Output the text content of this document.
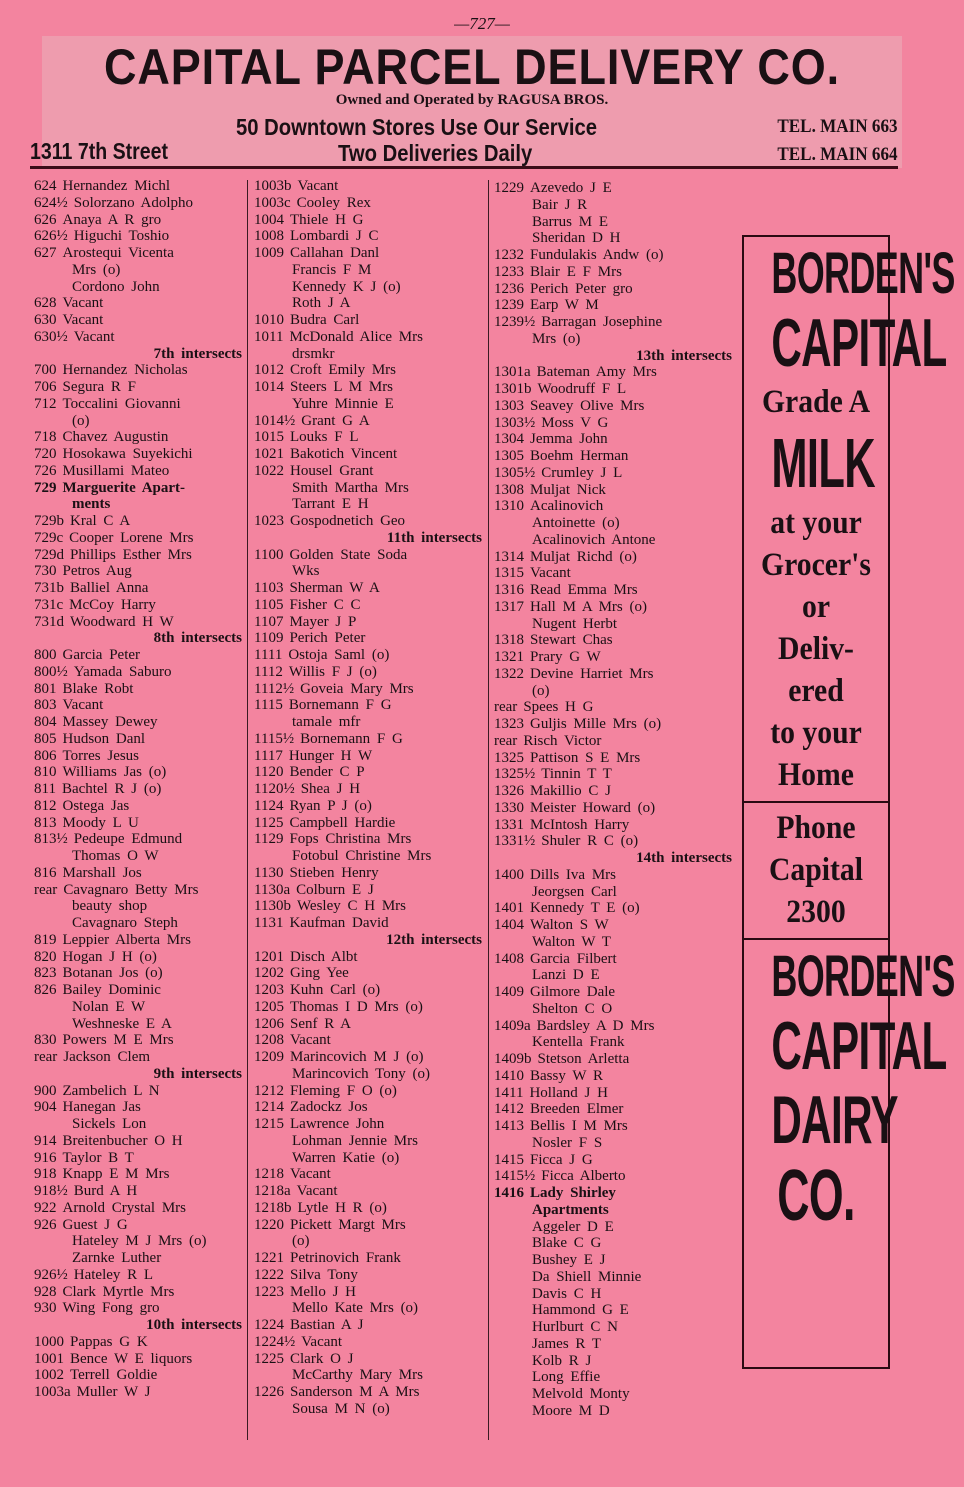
—727—
CAPITAL PARCEL DELIVERY CO.
Owned and Operated by RAGUSA BROS.
50 Downtown Stores Use Our Service
Two Deliveries Daily
1311 7th Street
TEL. MAIN 663
TEL. MAIN 664
624 Hernandez Michl
624½ Solorzano Adolpho
626 Anaya A R gro
626½ Higuchi Toshio
627 Arostequi Vicenta
Mrs (o)
Cordono John
628 Vacant
630 Vacant
630½ Vacant
7th intersects
700 Hernandez Nicholas
706 Segura R F
712 Toccalini Giovanni
(o)
718 Chavez Augustin
720 Hosokawa Suyekichi
726 Musillami Mateo
729 Marguerite Apart-
ments
729b Kral C A
729c Cooper Lorene Mrs
729d Phillips Esther Mrs
730 Petros Aug
731b Balliel Anna
731c McCoy Harry
731d Woodward H W
8th intersects
800 Garcia Peter
800½ Yamada Saburo
801 Blake Robt
803 Vacant
804 Massey Dewey
805 Hudson Danl
806 Torres Jesus
810 Williams Jas (o)
811 Bachtel R J (o)
812 Ostega Jas
813 Moody L U
813½ Pedeupe Edmund
Thomas O W
816 Marshall Jos
rear Cavagnaro Betty Mrs
beauty shop
Cavagnaro Steph
819 Leppier Alberta Mrs
820 Hogan J H (o)
823 Botanan Jos (o)
826 Bailey Dominic
Nolan E W
Weshneske E A
830 Powers M E Mrs
rear Jackson Clem
9th intersects
900 Zambelich L N
904 Hanegan Jas
Sickels Lon
914 Breitenbucher O H
916 Taylor B T
918 Knapp E M Mrs
918½ Burd A H
922 Arnold Crystal Mrs
926 Guest J G
Hateley M J Mrs (o)
Zarnke Luther
926½ Hateley R L
928 Clark Myrtle Mrs
930 Wing Fong gro
10th intersects
1000 Pappas G K
1001 Bence W E liquors
1002 Terrell Goldie
1003a Muller W J
1003b Vacant
1003c Cooley Rex
1004 Thiele H G
1008 Lombardi J C
1009 Callahan Danl
Francis F M
Kennedy K J (o)
Roth J A
1010 Budra Carl
1011 McDonald Alice Mrs
drsmkr
1012 Croft Emily Mrs
1014 Steers L M Mrs
Yuhre Minnie E
1014½ Grant G A
1015 Louks F L
1021 Bakotich Vincent
1022 Housel Grant
Smith Martha Mrs
Tarrant E H
1023 Gospodnetich Geo
11th intersects
1100 Golden State Soda
Wks
1103 Sherman W A
1105 Fisher C C
1107 Mayer J P
1109 Perich Peter
1111 Ostoja Saml (o)
1112 Willis F J (o)
1112½ Goveia Mary Mrs
1115 Bornemann F G
tamale mfr
1115½ Bornemann F G
1117 Hunger H W
1120 Bender C P
1120½ Shea J H
1124 Ryan P J (o)
1125 Campbell Hardie
1129 Fops Christina Mrs
Fotobul Christine Mrs
1130 Stieben Henry
1130a Colburn E J
1130b Wesley C H Mrs
1131 Kaufman David
12th intersects
1201 Disch Albt
1202 Ging Yee
1203 Kuhn Carl (o)
1205 Thomas I D Mrs (o)
1206 Senf R A
1208 Vacant
1209 Marincovich M J (o)
Marincovich Tony (o)
1212 Fleming F O (o)
1214 Zadockz Jos
1215 Lawrence John
Lohman Jennie Mrs
Warren Katie (o)
1218 Vacant
1218a Vacant
1218b Lytle H R (o)
1220 Pickett Margt Mrs
(o)
1221 Petrinovich Frank
1222 Silva Tony
1223 Mello J H
Mello Kate Mrs (o)
1224 Bastian A J
1224½ Vacant
1225 Clark O J
McCarthy Mary Mrs
1226 Sanderson M A Mrs
Sousa M N (o)
1229 Azevedo J E
Bair J R
Barrus M E
Sheridan D H
1232 Fundulakis Andw (o)
1233 Blair E F Mrs
1236 Perich Peter gro
1239 Earp W M
1239½ Barragan Josephine
Mrs (o)
13th intersects
1301a Bateman Amy Mrs
1301b Woodruff F L
1303 Seavey Olive Mrs
1303½ Moss V G
1304 Jemma John
1305 Boehm Herman
1305½ Crumley J L
1308 Muljat Nick
1310 Acalinovich
Antoinette (o)
Acalinovich Antone
1314 Muljat Richd (o)
1315 Vacant
1316 Read Emma Mrs
1317 Hall M A Mrs (o)
Nugent Herbt
1318 Stewart Chas
1321 Prary G W
1322 Devine Harriet Mrs
(o)
rear Spees H G
1323 Guljis Mille Mrs (o)
rear Risch Victor
1325 Pattison S E Mrs
1325½ Tinnin T T
1326 Makillio C J
1330 Meister Howard (o)
1331 McIntosh Harry
1331½ Shuler R C (o)
14th intersects
1400 Dills Iva Mrs
Jeorgsen Carl
1401 Kennedy T E (o)
1404 Walton S W
Walton W T
1408 Garcia Filbert
Lanzi D E
1409 Gilmore Dale
Shelton C O
1409a Bardsley A D Mrs
Kentella Frank
1409b Stetson Arletta
1410 Bassy W R
1411 Holland J H
1412 Breeden Elmer
1413 Bellis I M Mrs
Nosler F S
1415 Ficca J G
1415½ Ficca Alberto
1416 Lady Shirley
Apartments
Aggeler D E
Blake C G
Bushey E J
Da Shiell Minnie
Davis C H
Hammond G E
Hurlburt C N
James R T
Kolb R J
Long Effie
Melvold Monty
Moore M D
BORDEN'S
CAPITAL
Grade A
MILK
at your
Grocer's
or
Deliv-
ered
to your
Home
Phone
Capital
2300
BORDEN'S
CAPITAL
DAIRY
CO.
